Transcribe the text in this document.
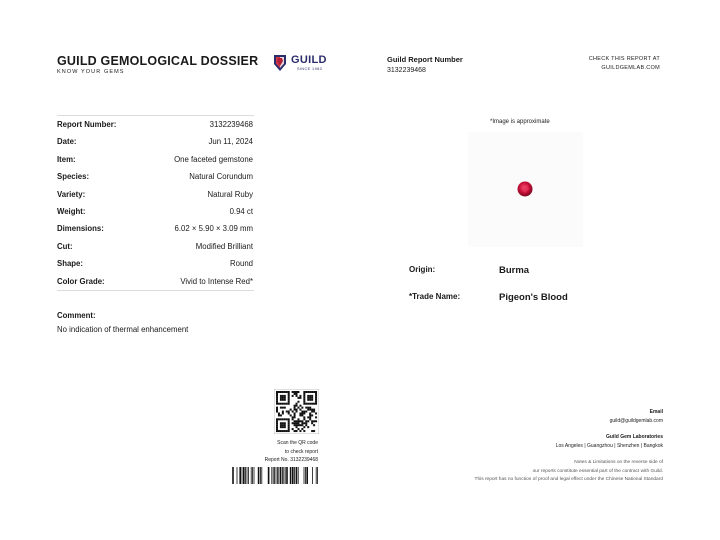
GUILD GEMOLOGICAL DOSSIER
KNOW YOUR GEMS
GUILD
SINCE 1983
Guild Report Number
3132239468
CHECK THIS REPORT AT
GUILDGEMLAB.COM
Report Number:	3132239468
Date:	Jun 11, 2024
Item:	One faceted gemstone
Species:	Natural Corundum
Variety:	Natural Ruby
Weight:	0.94 ct
Dimensions:	6.02 × 5.90 × 3.09 mm
Cut:	Modified Brilliant
Shape:	Round
Color Grade:	Vivid to Intense Red*
Comment:
No indication of thermal enhancement
*Image is approximate
Origin:	Burma
*Trade Name:	Pigeon's Blood
Scan the QR code
to check report
Report No. 3132239468
Email
guild@guildgemlab.com
Guild Gem Laboratories
Los Angeles | Guangzhou | Shenzhen | Bangkok
Notes & Limitations on the reverse side of
our reports constitute essential part of the contract with Guild.
This report has no function of proof and legal effect under the Chinese National Standard
